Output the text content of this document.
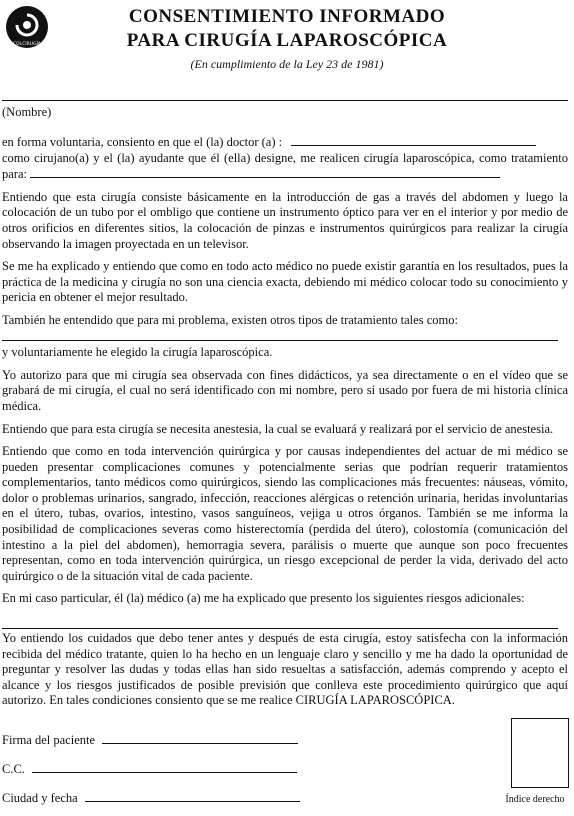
COLCIRUGÍA
CONSENTIMIENTO INFORMADO
PARA CIRUGÍA LAPAROSCÓPICA
(En cumplimiento de la Ley 23 de 1981)
(Nombre)

en forma voluntaria, consiento en que el (la) doctor (a) :
como cirujano(a) y el (la) ayudante que él (ella) designe, me realicen cirugía laparoscópica, como tratamiento para:

Entiendo que esta cirugía consiste básicamente en la introducción de gas a través del abdomen y luego la colocación de un tubo por el ombligo que contiene un instrumento óptico para ver en el interior y por medio de otros orificios en diferentes sitios, la colocación de pinzas e instrumentos quirúrgicos para realizar la cirugía observando la imagen proyectada en un televisor.

Se me ha explicado y entiendo que como en todo acto médico no puede existir garantía en los resultados, pues la práctica de la medicina y cirugía no son una ciencia exacta, debiendo mi médico colocar todo su conocimiento y pericia en obtener el mejor resultado.

También he entendido que para mi problema, existen otros tipos de tratamiento tales como:

y voluntariamente he elegido la cirugía laparoscópica.

Yo autorizo para que mi cirugía sea observada con fines didácticos, ya sea directamente o en el vídeo que se grabará de mi cirugía, el cual no será identificado con mi nombre, pero sí usado por fuera de mi historia clínica médica.

Entiendo que para esta cirugía se necesita anestesia, la cual se evaluará y realizará por el servicio de anestesia.

Entiendo que como en toda intervención quirúrgica y por causas independientes del actuar de mi médico se pueden presentar complicaciones comunes y potencialmente serias que podrían requerir tratamientos complementarios, tanto médicos como quirúrgicos, siendo las complicaciones más frecuentes: náuseas, vómito, dolor o problemas urinarios, sangrado, infección, reacciones alérgicas o retención urinaria, heridas involuntarias en el útero, tubas, ovarios, intestino, vasos sanguíneos, vejiga u otros órganos. También se me informa la posibilidad de complicaciones severas como histerectomía (perdida del útero), colostomía (comunicación del intestino a la piel del abdomen), hemorragia severa, parálisis o muerte que aunque son poco frecuentes representan, como en toda intervención quirúrgica, un riesgo excepcional de perder la vida, derivado del acto quirúrgico o de la situación vital de cada paciente.

En mi caso particular, él (la) médico (a) me ha explicado que presento los siguientes riesgos adicionales:

Yo entiendo los cuidados que debo tener antes y después de esta cirugía, estoy satisfecha con la información recibida del médico tratante, quien lo ha hecho en un lenguaje claro y sencillo y me ha dado la oportunidad de preguntar y resolver las dudas y todas ellas han sido resueltas a satisfacción, además comprendo y acepto el alcance y los riesgos justificados de posible previsión que conlleva este procedimiento quirúrgico que aquí autorizo. En tales condiciones consiento que se me realice CIRUGÍA LAPAROSCÓPICA.

Firma del paciente
C.C.
Ciudad y fecha	Índice derecho
